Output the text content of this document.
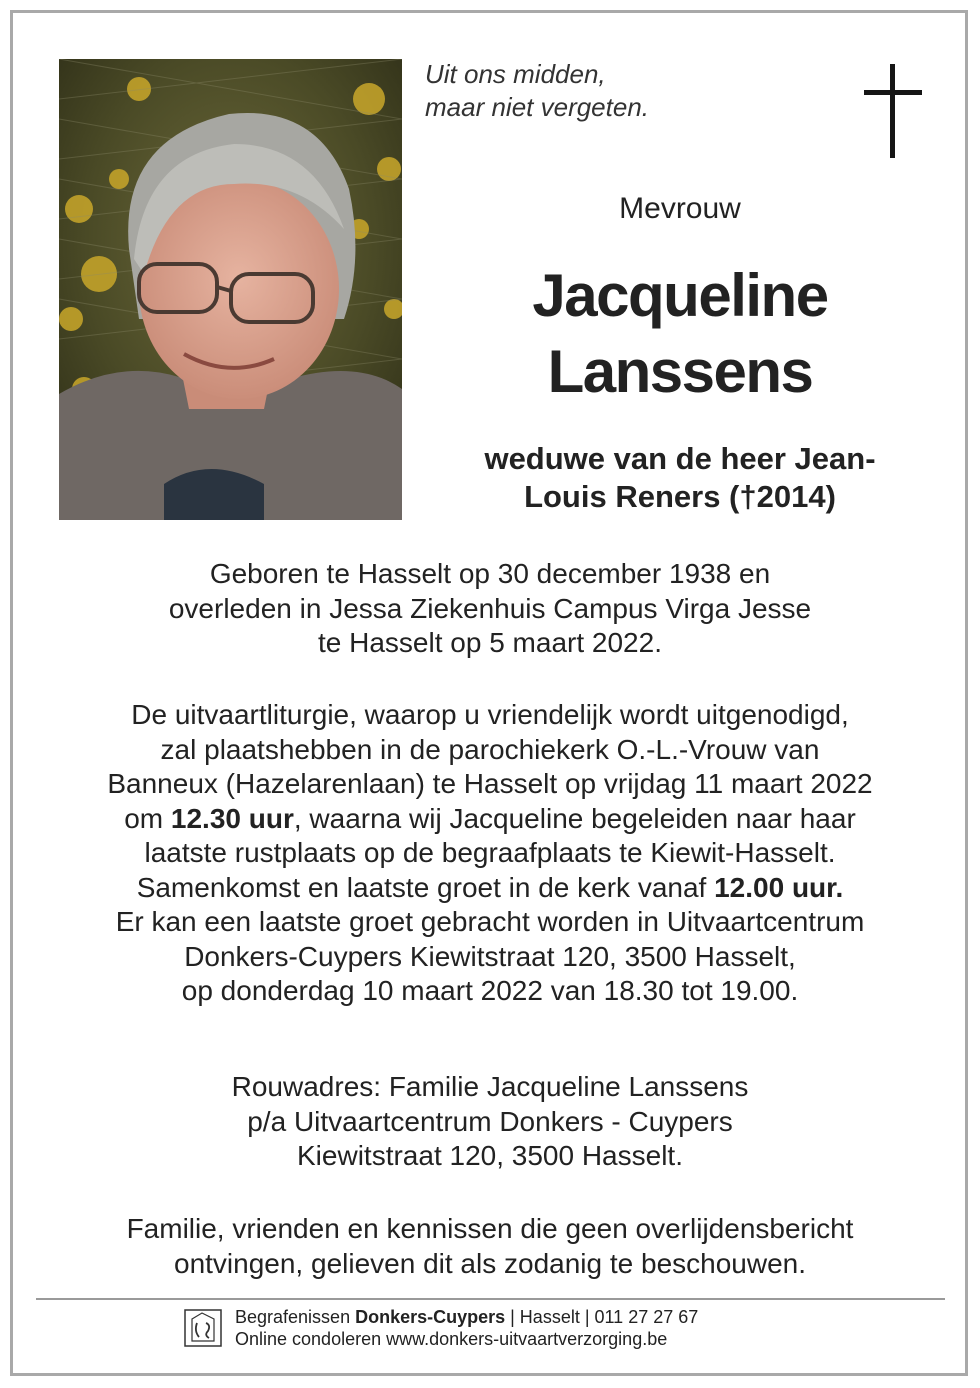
Uit ons midden,
maar niet vergeten.
Mevrouw
Jacqueline
Lanssens
weduwe van de heer Jean-
Louis Reners (†2014)
Geboren te Hasselt op 30 december 1938 en
overleden in Jessa Ziekenhuis Campus Virga Jesse
te Hasselt op 5 maart 2022.
De uitvaartliturgie, waarop u vriendelijk wordt uitgenodigd,
zal plaatshebben in de parochiekerk O.-L.-Vrouw van
Banneux (Hazelarenlaan) te Hasselt op vrijdag 11 maart 2022
om 12.30 uur, waarna wij Jacqueline begeleiden naar haar
laatste rustplaats op de begraafplaats te Kiewit-Hasselt.
Samenkomst en laatste groet in de kerk vanaf 12.00 uur.
Er kan een laatste groet gebracht worden in Uitvaartcentrum
Donkers-Cuypers Kiewitstraat 120, 3500 Hasselt,
op donderdag 10 maart 2022 van 18.30 tot 19.00.
Rouwadres: Familie Jacqueline Lanssens
p/a Uitvaartcentrum Donkers - Cuypers
Kiewitstraat 120, 3500 Hasselt.
Familie, vrienden en kennissen die geen overlijdensbericht
ontvingen, gelieven dit als zodanig te beschouwen.
Begrafenissen Donkers-Cuypers | Hasselt | 011 27 27 67
Online condoleren www.donkers-uitvaartverzorging.be
